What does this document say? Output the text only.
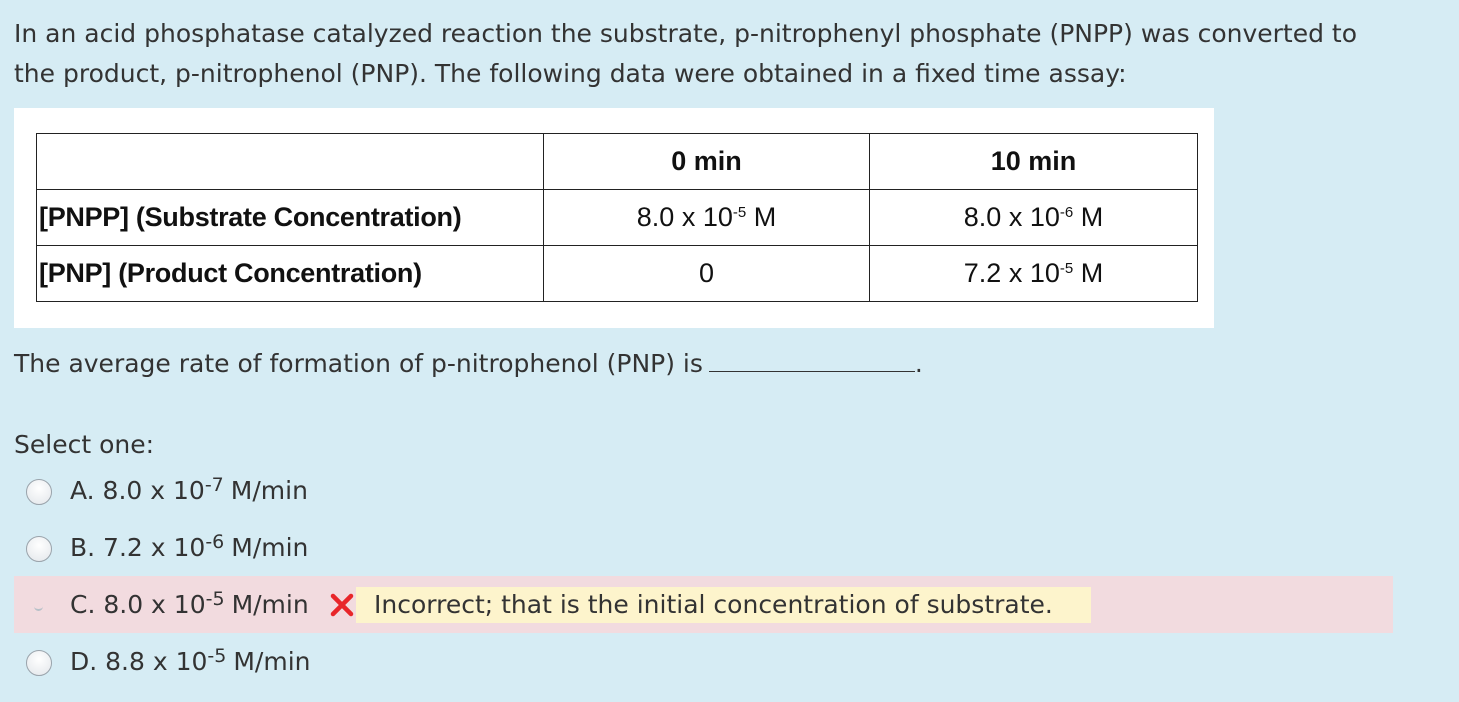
In an acid phosphatase catalyzed reaction the substrate, p-nitrophenyl phosphate (PNPP) was converted to
the product, p-nitrophenol (PNP). The following data were obtained in a fixed time assay:
	0 min	10 min
[PNPP] (Substrate Concentration)	8.0 x $10^{-5}$ M	8.0 x $10^{-6}$ M
[PNP] (Product Concentration)	0	7.2 x $10^{-5}$ M
The average rate of formation of p-nitrophenol (PNP) is	.
Select one:
A. 8.0 x 10 -7 M/min
B. 7.2 x 10 -6 M/min
C. 8.0 x 10 -5 M/min	Incorrect; that is the initial concentration of substrate.
D. 8.8 x 10 -5 M/min
